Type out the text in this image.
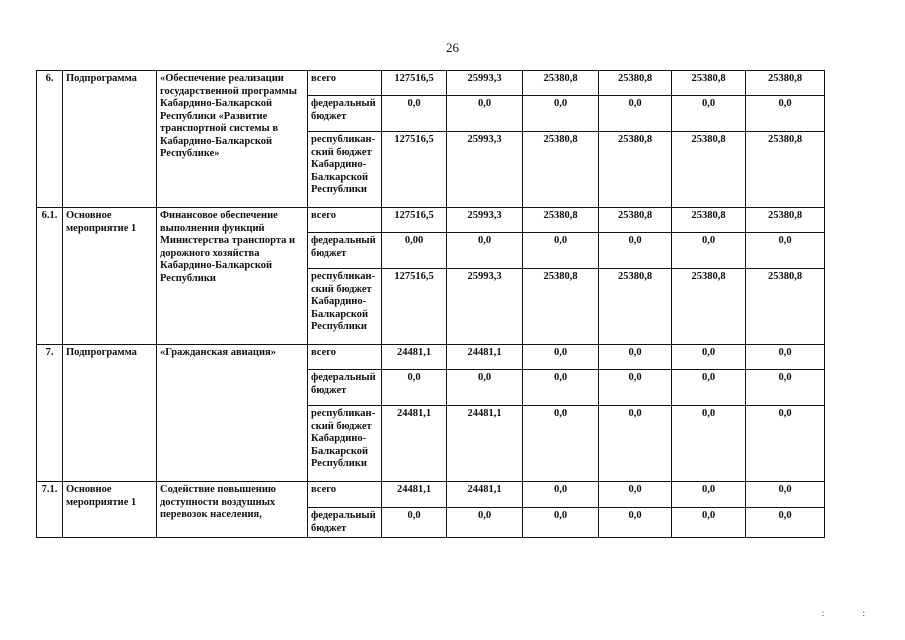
26
6.	Подпрограмма	«Обеспечение реализации государственной программы Кабардино-Балкарской Республики «Развитие транспортной системы в Кабардино-Балкарской Республике»	всего	127516,5	25993,3	25380,8	25380,8	25380,8	25380,8
			федеральный бюджет	0,0	0,0	0,0	0,0	0,0	0,0
			республикан-ский бюджет Кабардино-Балкарской Республики	127516,5	25993,3	25380,8	25380,8	25380,8	25380,8
6.1.	Основное мероприятие 1	Финансовое обеспечение выполнения функций Министерства транспорта и дорожного хозяйства Кабардино-Балкарской Республики	всего	127516,5	25993,3	25380,8	25380,8	25380,8	25380,8
			федеральный бюджет	0,00	0,0	0,0	0,0	0,0	0,0
			республикан-ский бюджет Кабардино-Балкарской Республики	127516,5	25993,3	25380,8	25380,8	25380,8	25380,8
7.	Подпрограмма	«Гражданская авиация»	всего	24481,1	24481,1	0,0	0,0	0,0	0,0
			федеральный бюджет	0,0	0,0	0,0	0,0	0,0	0,0
			республикан-ский бюджет Кабардино-Балкарской Республики	24481,1	24481,1	0,0	0,0	0,0	0,0
7.1.	Основное мероприятие 1	Содействие повышению доступности воздушных перевозок населения,	всего	24481,1	24481,1	0,0	0,0	0,0	0,0
			федеральный бюджет	0,0	0,0	0,0	0,0	0,0	0,0
: :
